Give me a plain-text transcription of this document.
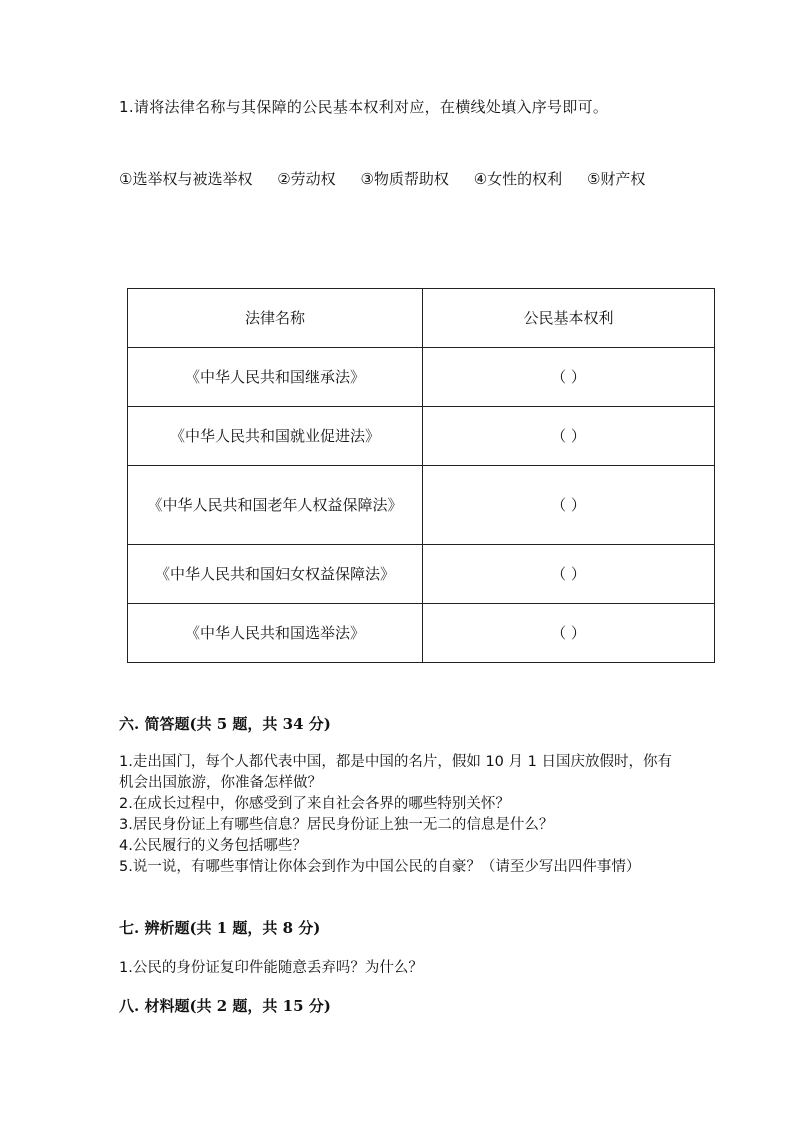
1.请将法律名称与其保障的公民基本权利对应，在横线处填入序号即可。
①选举权与被选举权 ②劳动权 ③物质帮助权 ④女性的权利 ⑤财产权
法律名称	公民基本权利
《中华人民共和国继承法》	（ ）
《中华人民共和国就业促进法》	（ ）
《中华人民共和国老年人权益保障法》	（ ）
《中华人民共和国妇女权益保障法》	（ ）
《中华人民共和国选举法》	（ ）
六. 简答题(共 5 题，共 34 分)
1.走出国门，每个人都代表中国，都是中国的名片，假如 10 月 1 日国庆放假时，你有机会出国旅游，你准备怎样做？
2.在成长过程中，你感受到了来自社会各界的哪些特别关怀？
3.居民身份证上有哪些信息？居民身份证上独一无二的信息是什么？
4.公民履行的义务包括哪些？
5.说一说，有哪些事情让你体会到作为中国公民的自豪？（请至少写出四件事情）
七. 辨析题(共 1 题，共 8 分)
1.公民的身份证复印件能随意丢弃吗？为什么？
八. 材料题(共 2 题，共 15 分)
